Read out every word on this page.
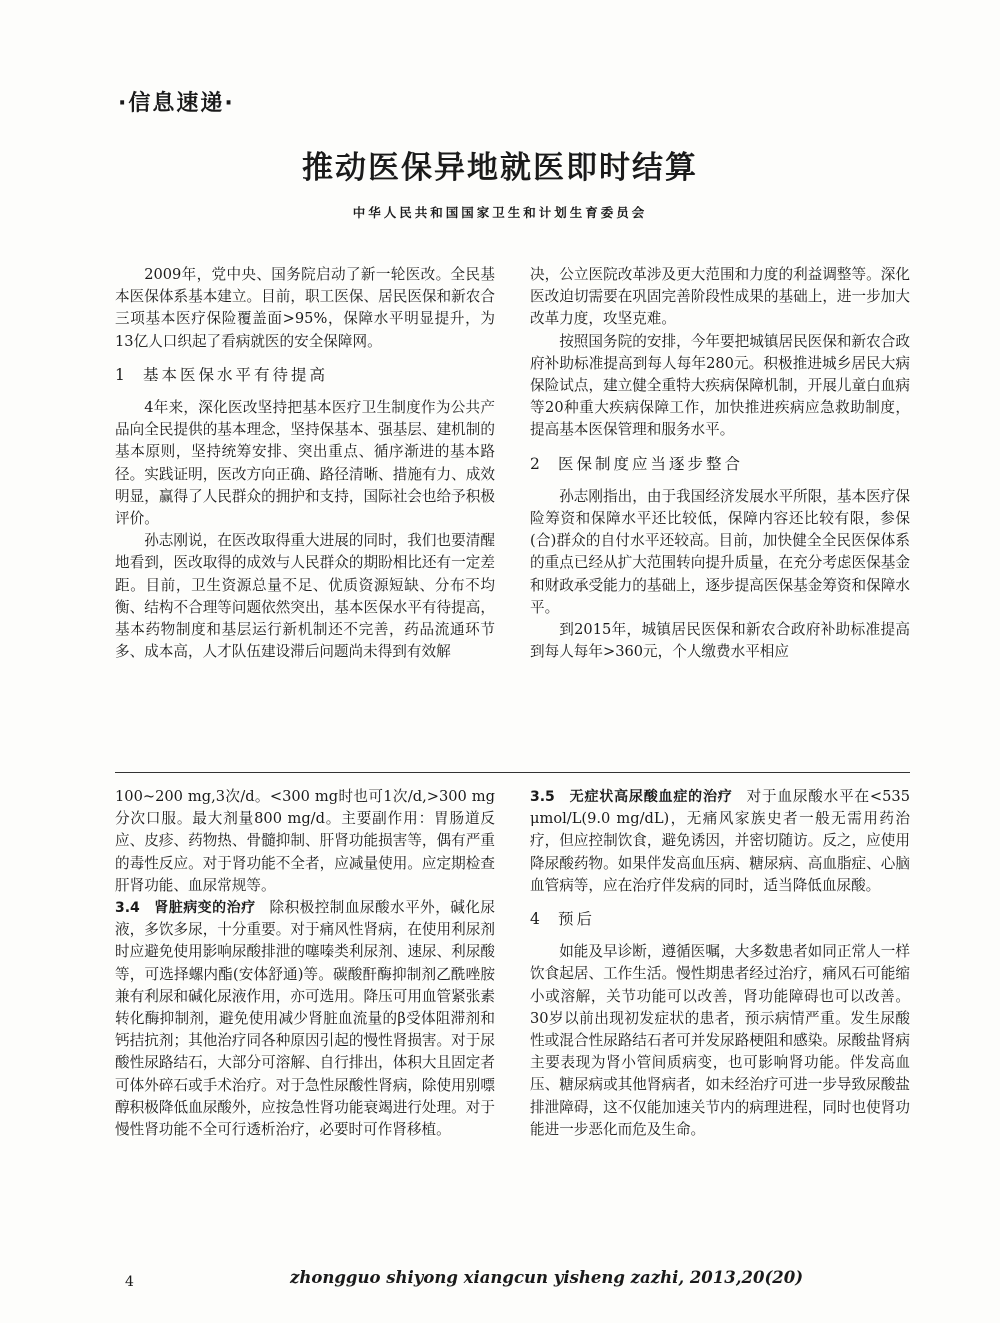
·信息速递·
推动医保异地就医即时结算
中华人民共和国国家卫生和计划生育委员会

2009年，党中央、国务院启动了新一轮医改。全民基本医保体系基本建立。目前，职工医保、居民医保和新农合三项基本医疗保险覆盖面>95%，保障水平明显提升，为13亿人口织起了看病就医的安全保障网。

1 基本医保水平有待提高

4年来，深化医改坚持把基本医疗卫生制度作为公共产品向全民提供的基本理念，坚持保基本、强基层、建机制的基本原则，坚持统筹安排、突出重点、循序渐进的基本路径。实践证明，医改方向正确、路径清晰、措施有力、成效明显，赢得了人民群众的拥护和支持，国际社会也给予积极评价。

孙志刚说，在医改取得重大进展的同时，我们也要清醒地看到，医改取得的成效与人民群众的期盼相比还有一定差距。目前，卫生资源总量不足、优质资源短缺、分布不均衡、结构不合理等问题依然突出，基本医保水平有待提高，基本药物制度和基层运行新机制还不完善，药品流通环节多、成本高，人才队伍建设滞后问题尚未得到有效解

决，公立医院改革涉及更大范围和力度的利益调整等。深化医改迫切需要在巩固完善阶段性成果的基础上，进一步加大改革力度，攻坚克难。

按照国务院的安排，今年要把城镇居民医保和新农合政府补助标准提高到每人每年280元。积极推进城乡居民大病保险试点，建立健全重特大疾病保障机制，开展儿童白血病等20种重大疾病保障工作，加快推进疾病应急救助制度，提高基本医保管理和服务水平。

2 医保制度应当逐步整合

孙志刚指出，由于我国经济发展水平所限，基本医疗保险筹资和保障水平还比较低，保障内容还比较有限，参保(合)群众的自付水平还较高。目前，加快健全全民医保体系的重点已经从扩大范围转向提升质量，在充分考虑医保基金和财政承受能力的基础上，逐步提高医保基金筹资和保障水平。

到2015年，城镇居民医保和新农合政府补助标准提高到每人每年>360元，个人缴费水平相应

100~200 mg,3次/d。<300 mg时也可1次/d,>300 mg分次口服。最大剂量800 mg/d。主要副作用：胃肠道反应、皮疹、药物热、骨髓抑制、肝肾功能损害等，偶有严重的毒性反应。对于肾功能不全者，应减量使用。应定期检查肝肾功能、血尿常规等。

3.4 肾脏病变的治疗 除积极控制血尿酸水平外，碱化尿液，多饮多尿，十分重要。对于痛风性肾病，在使用利尿剂时应避免使用影响尿酸排泄的噻嗪类利尿剂、速尿、利尿酸等，可选择螺内酯(安体舒通)等。碳酸酐酶抑制剂乙酰唑胺兼有利尿和碱化尿液作用，亦可选用。降压可用血管紧张素转化酶抑制剂，避免使用减少肾脏血流量的β受体阻滞剂和钙拮抗剂；其他治疗同各种原因引起的慢性肾损害。对于尿酸性尿路结石，大部分可溶解、自行排出，体积大且固定者可体外碎石或手术治疗。对于急性尿酸性肾病，除使用别嘌醇积极降低血尿酸外，应按急性肾功能衰竭进行处理。对于慢性肾功能不全可行透析治疗，必要时可作肾移植。

3.5 无症状高尿酸血症的治疗 对于血尿酸水平在<535 μmol/L(9.0 mg/dL)，无痛风家族史者一般无需用药治疗，但应控制饮食，避免诱因，并密切随访。反之，应使用降尿酸药物。如果伴发高血压病、糖尿病、高血脂症、心脑血管病等，应在治疗伴发病的同时，适当降低血尿酸。

4 预后

如能及早诊断，遵循医嘱，大多数患者如同正常人一样饮食起居、工作生活。慢性期患者经过治疗，痛风石可能缩小或溶解，关节功能可以改善，肾功能障碍也可以改善。30岁以前出现初发症状的患者，预示病情严重。发生尿酸性或混合性尿路结石者可并发尿路梗阻和感染。尿酸盐肾病主要表现为肾小管间质病变，也可影响肾功能。伴发高血压、糖尿病或其他肾病者，如未经治疗可进一步导致尿酸盐排泄障碍，这不仅能加速关节内的病理进程，同时也使肾功能进一步恶化而危及生命。

4	zhongguo shiyong xiangcun yisheng zazhi, 2013,20(20)
